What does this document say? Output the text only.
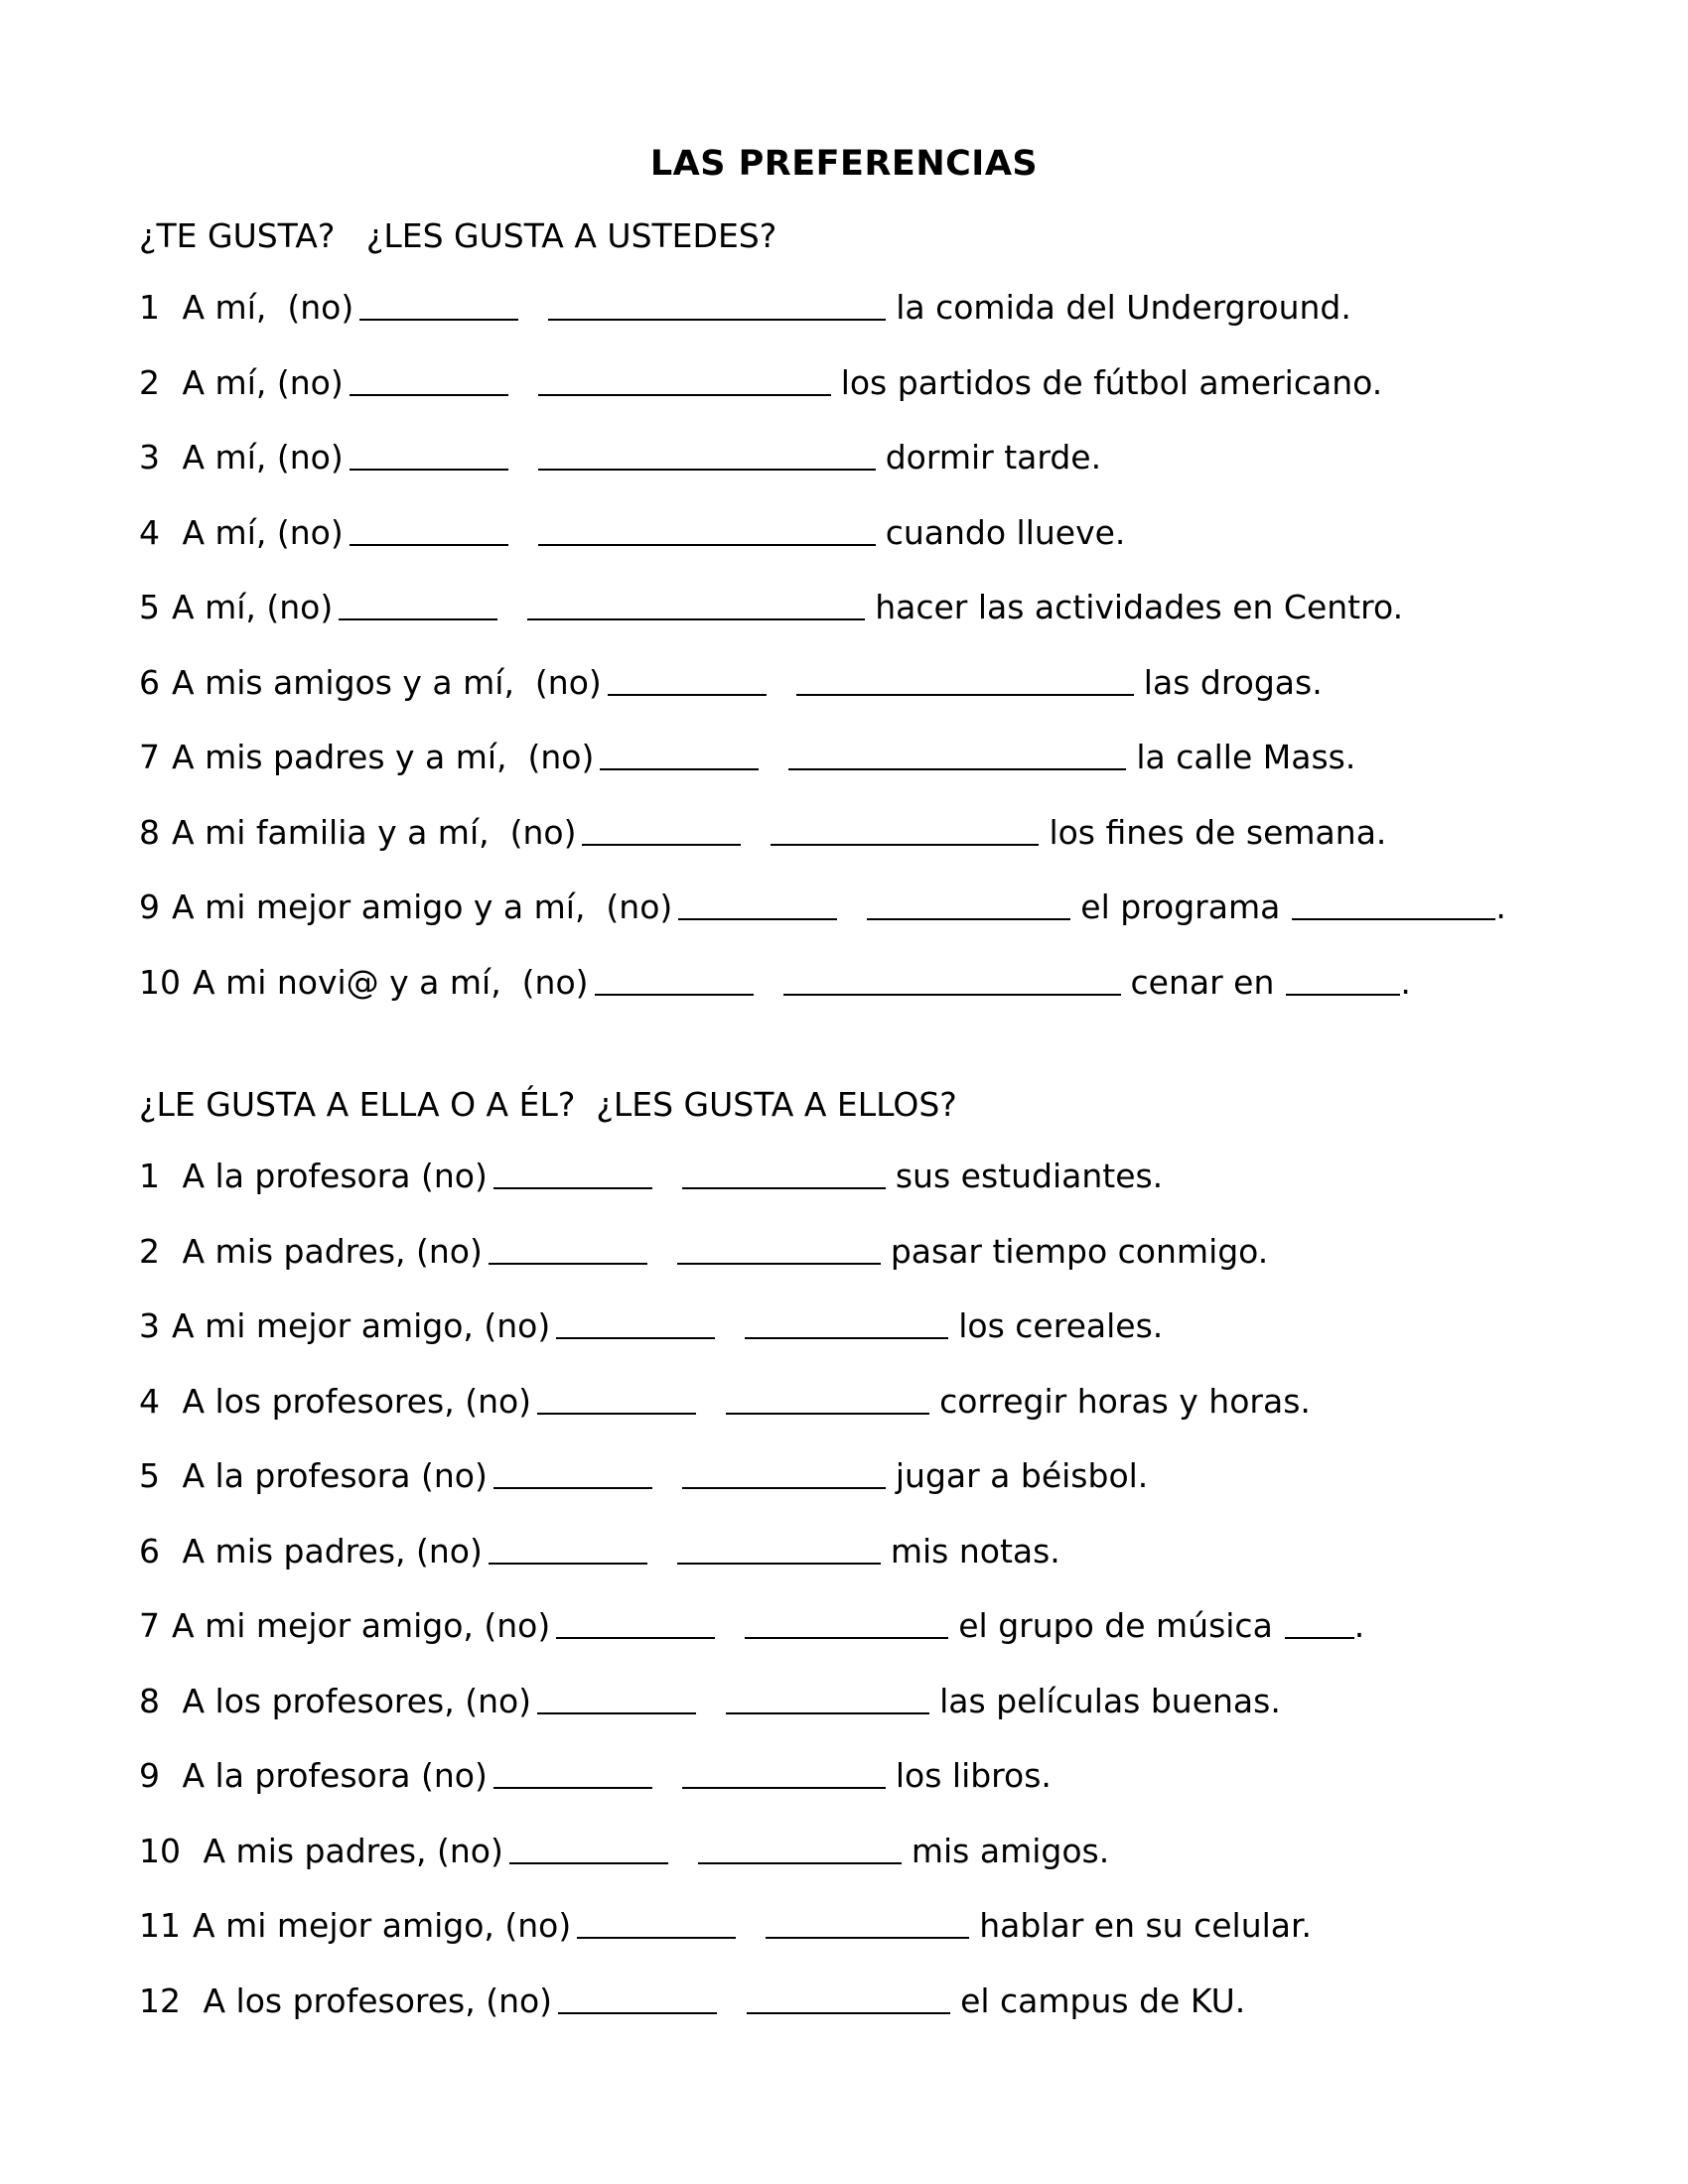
LAS PREFERENCIAS
¿TE GUSTA?   ¿LES GUSTA A USTEDES?
1 A mí,  (no)	la comida del Underground.
2 A mí, (no)	los partidos de fútbol americano.
3 A mí, (no)	dormir tarde.
4 A mí, (no)	cuando llueve.
5 A mí, (no)	hacer las actividades en Centro.
6 A mis amigos y a mí,  (no)	las drogas.
7 A mis padres y a mí,  (no)	la calle Mass.
8 A mi familia y a mí,  (no)	los fines de semana.
9 A mi mejor amigo y a mí,  (no)	el programa	.
10 A mi novi@ y a mí,  (no)	cenar en	.
¿LE GUSTA A ELLA O A ÉL?  ¿LES GUSTA A ELLOS?
1 A la profesora (no)	sus estudiantes.
2 A mis padres, (no)	pasar tiempo conmigo.
3 A mi mejor amigo, (no)	los cereales.
4 A los profesores, (no)	corregir horas y horas.
5 A la profesora (no)	jugar a béisbol.
6 A mis padres, (no)	mis notas.
7 A mi mejor amigo, (no)	el grupo de música .
8 A los profesores, (no)	las películas buenas.
9 A la profesora (no)	los libros.
10 A mis padres, (no)	mis amigos.
11 A mi mejor amigo, (no)	hablar en su celular.
12 A los profesores, (no)	el campus de KU.
